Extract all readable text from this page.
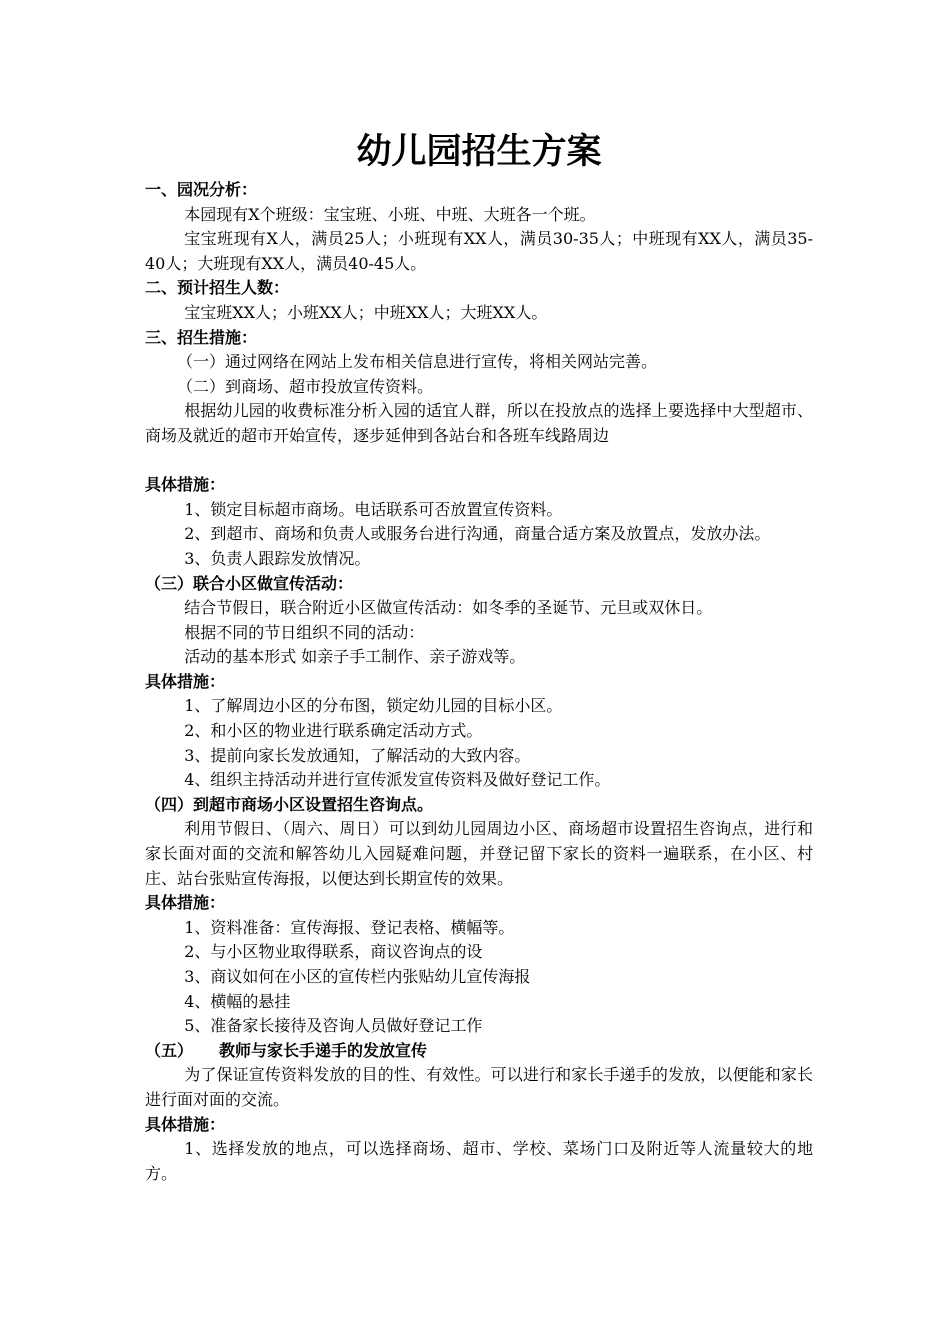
幼儿园招生方案
一、园况分析：

本园现有X个班级：宝宝班、小班、中班、大班各一个班。

宝宝班现有X人，满员25人；小班现有XX人，满员30-35人；中班现有XX人，满员35-40人；大班现有XX人，满员40-45人。

二、预计招生人数：

宝宝班XX人；小班XX人；中班XX人；大班XX人。

三、招生措施：

（一）通过网络在网站上发布相关信息进行宣传，将相关网站完善。

（二）到商场、超市投放宣传资料。

根据幼儿园的收费标准分析入园的适宜人群，所以在投放点的选择上要选择中大型超市、商场及就近的超市开始宣传，逐步延伸到各站台和各班车线路周边

具体措施：

1、锁定目标超市商场。电话联系可否放置宣传资料。

2、到超市、商场和负责人或服务台进行沟通，商量合适方案及放置点，发放办法。

3、负责人跟踪发放情况。

（三）联合小区做宣传活动：

结合节假日，联合附近小区做宣传活动：如冬季的圣诞节、元旦或双休日。

根据不同的节日组织不同的活动：

活动的基本形式 如亲子手工制作、亲子游戏等。

具体措施：

1、了解周边小区的分布图，锁定幼儿园的目标小区。

2、和小区的物业进行联系确定活动方式。

3、提前向家长发放通知，了解活动的大致内容。

4、组织主持活动并进行宣传派发宣传资料及做好登记工作。

（四）到超市商场小区设置招生咨询点。

利用节假日、（周六、周日）可以到幼儿园周边小区、商场超市设置招生咨询点，进行和家长面对面的交流和解答幼儿入园疑难问题，并登记留下家长的资料一遍联系，在小区、村庄、站台张贴宣传海报，以便达到长期宣传的效果。

具体措施：

1、资料准备：宣传海报、登记表格、横幅等。

2、与小区物业取得联系，商议咨询点的设

3、商议如何在小区的宣传栏内张贴幼儿宣传海报

4、横幅的悬挂

5、准备家长接待及咨询人员做好登记工作

（五） 教师与家长手递手的发放宣传

为了保证宣传资料发放的目的性、有效性。可以进行和家长手递手的发放，以便能和家长进行面对面的交流。

具体措施：

1、选择发放的地点，可以选择商场、超市、学校、菜场门口及附近等人流量较大的地方。
